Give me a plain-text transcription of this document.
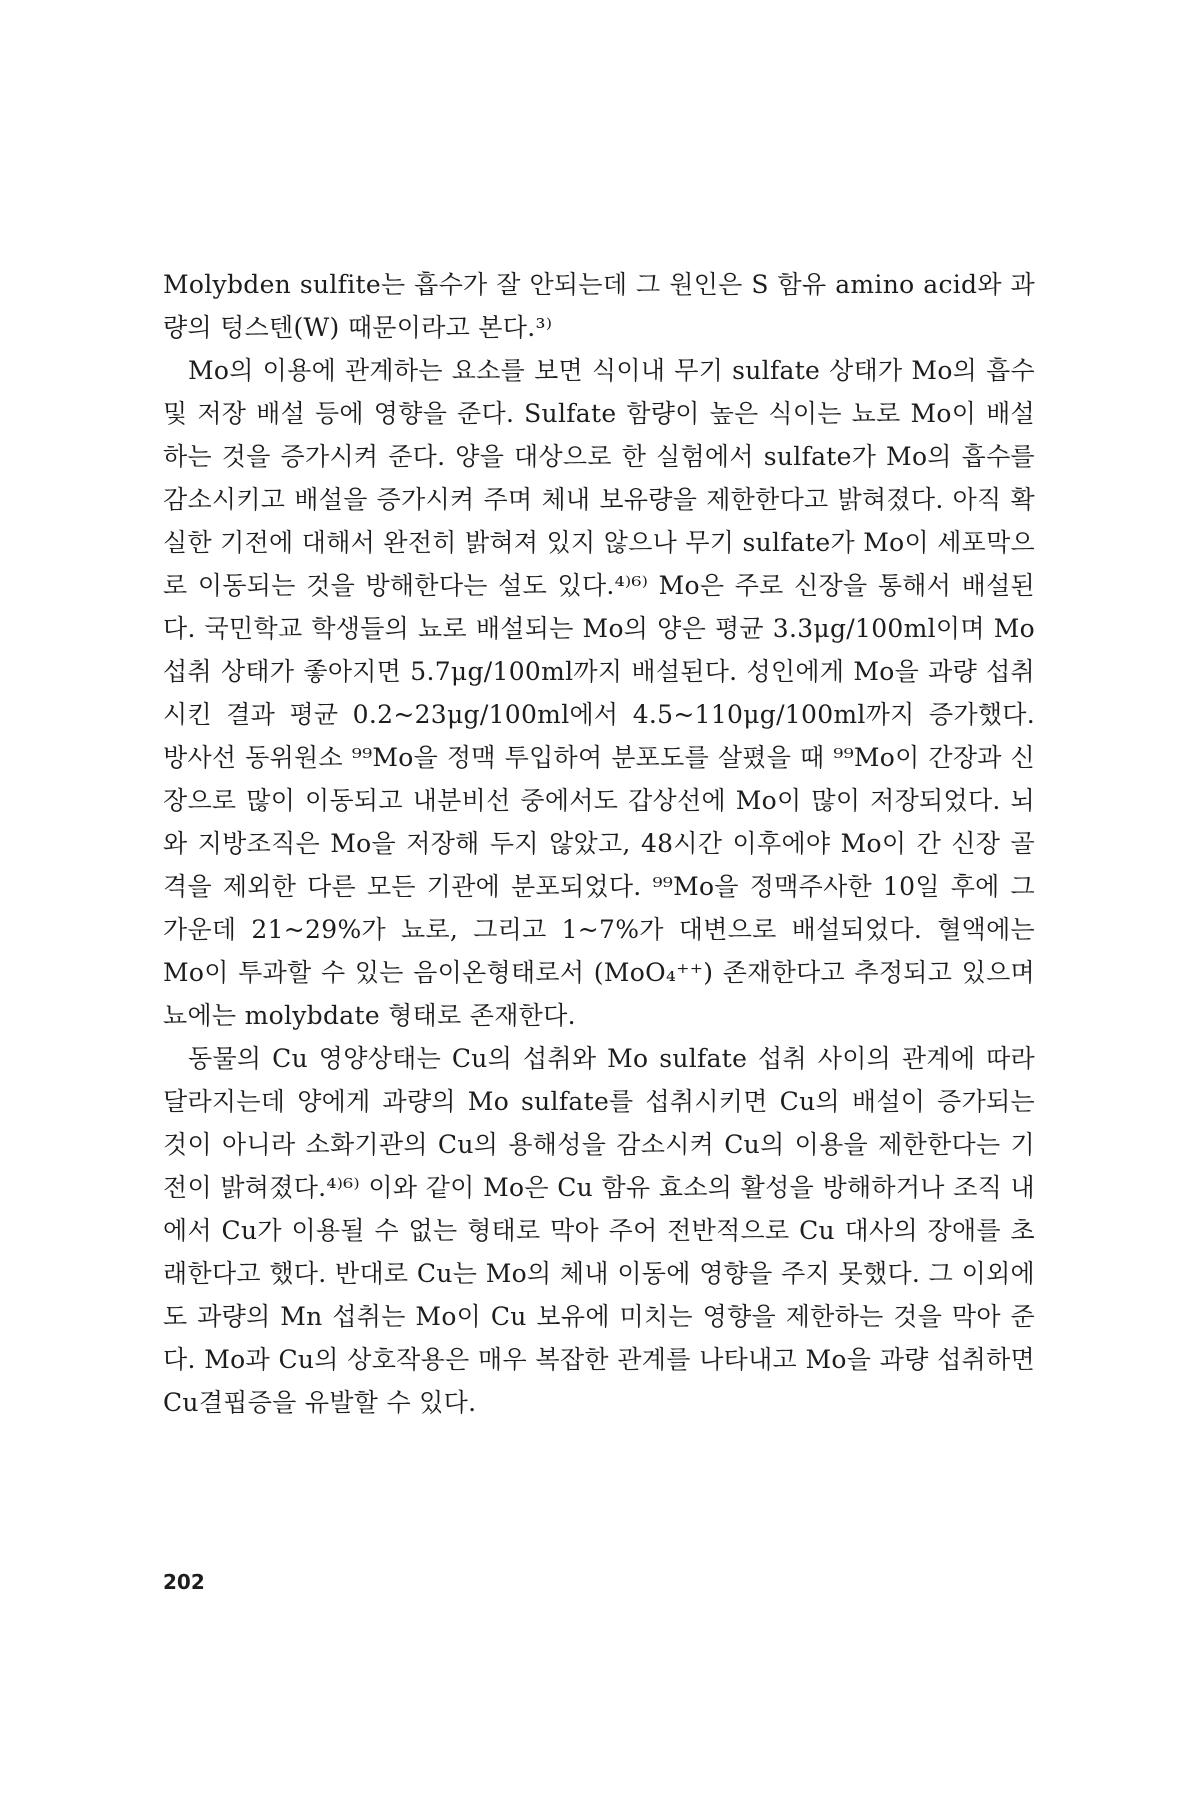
Molybden sulfite는 흡수가 잘 안되는데 그 원인은 S 함유 amino acid와 과량의 텅스텐(W) 때문이라고 본다.³⁾

Mo의 이용에 관계하는 요소를 보면 식이내 무기 sulfate 상태가 Mo의 흡수 및 저장 배설 등에 영향을 준다. Sulfate 함량이 높은 식이는 뇨로 Mo이 배설하는 것을 증가시켜 준다. 양을 대상으로 한 실험에서 sulfate가 Mo의 흡수를 감소시키고 배설을 증가시켜 주며 체내 보유량을 제한한다고 밝혀졌다. 아직 확실한 기전에 대해서 완전히 밝혀져 있지 않으나 무기 sulfate가 Mo이 세포막으로 이동되는 것을 방해한다는 설도 있다.⁴⁾⁶⁾ Mo은 주로 신장을 통해서 배설된다. 국민학교 학생들의 뇨로 배설되는 Mo의 양은 평균 3.3μg/100ml이며 Mo섭취 상태가 좋아지면 5.7μg/100ml까지 배설된다. 성인에게 Mo을 과량 섭취시킨 결과 평균 0.2~23μg/100ml에서 4.5~110μg/100ml까지 증가했다. 방사선 동위원소 ⁹⁹Mo을 정맥 투입하여 분포도를 살폈을 때 ⁹⁹Mo이 간장과 신장으로 많이 이동되고 내분비선 중에서도 갑상선에 Mo이 많이 저장되었다. 뇌와 지방조직은 Mo을 저장해 두지 않았고, 48시간 이후에야 Mo이 간 신장 골격을 제외한 다른 모든 기관에 분포되었다. ⁹⁹Mo을 정맥주사한 10일 후에 그 가운데 21~29%가 뇨로, 그리고 1~7%가 대변으로 배설되었다. 혈액에는 Mo이 투과할 수 있는 음이온형태로서 (MoO₄⁺⁺) 존재한다고 추정되고 있으며 뇨에는 molybdate 형태로 존재한다.

동물의 Cu 영양상태는 Cu의 섭취와 Mo sulfate 섭취 사이의 관계에 따라 달라지는데 양에게 과량의 Mo sulfate를 섭취시키면 Cu의 배설이 증가되는 것이 아니라 소화기관의 Cu의 용해성을 감소시켜 Cu의 이용을 제한한다는 기전이 밝혀졌다.⁴⁾⁶⁾ 이와 같이 Mo은 Cu 함유 효소의 활성을 방해하거나 조직 내에서 Cu가 이용될 수 없는 형태로 막아 주어 전반적으로 Cu 대사의 장애를 초래한다고 했다. 반대로 Cu는 Mo의 체내 이동에 영향을 주지 못했다. 그 이외에도 과량의 Mn 섭취는 Mo이 Cu 보유에 미치는 영향을 제한하는 것을 막아 준다. Mo과 Cu의 상호작용은 매우 복잡한 관계를 나타내고 Mo을 과량 섭취하면 Cu결핍증을 유발할 수 있다.

202
